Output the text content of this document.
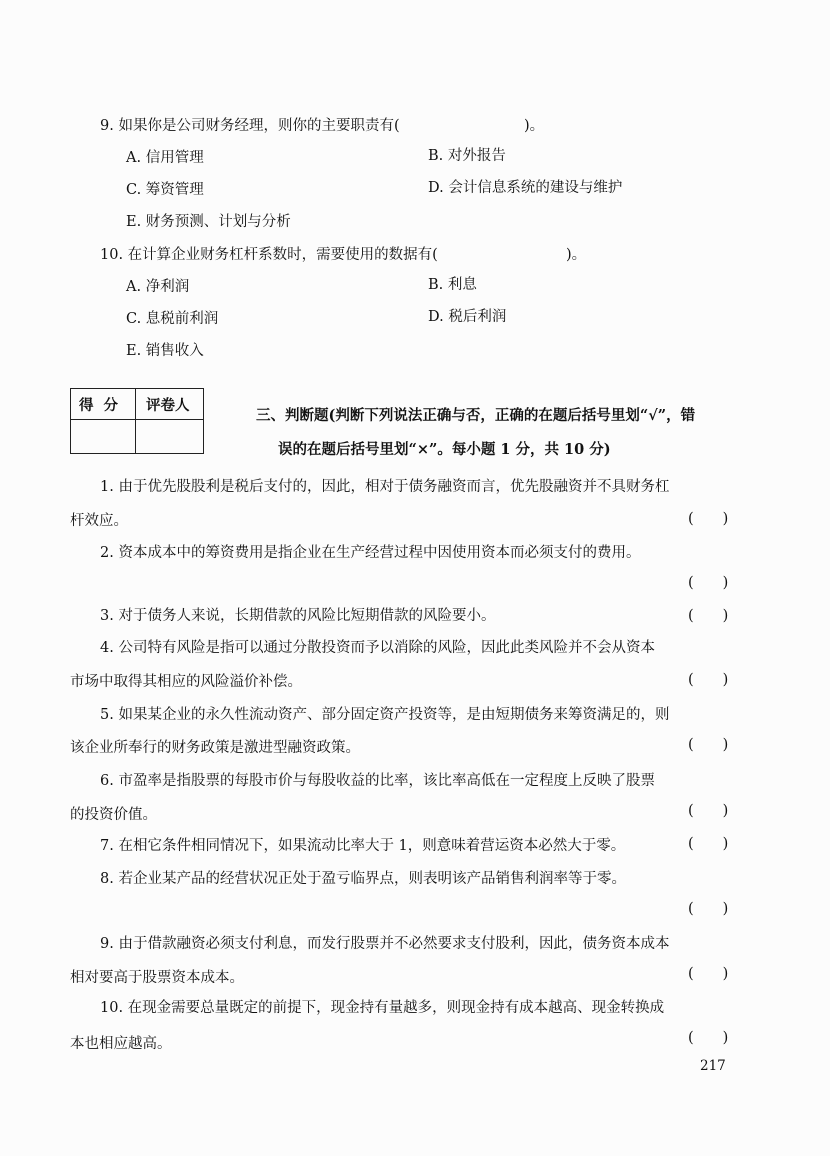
9. 如果你是公司财务经理，则你的主要职责有(	)。
A. 信用管理	B. 对外报告
C. 筹资管理	D. 会计信息系统的建设与维护
E. 财务预测、计划与分析
10. 在计算企业财务杠杆系数时，需要使用的数据有(	)。
A. 净利润	B. 利息
C. 息税前利润	D. 税后利润
E. 销售收入
得分 评卷人
三、判断题(判断下列说法正确与否，正确的在题后括号里划“√”，错
误的在题后括号里划“×”。每小题 1 分，共 10 分)
1. 由于优先股股利是税后支付的，因此，相对于债务融资而言，优先股融资并不具财务杠
杆效应。	(　　)
2. 资本成本中的筹资费用是指企业在生产经营过程中因使用资本而必须支付的费用。
(　　)
3. 对于债务人来说，长期借款的风险比短期借款的风险要小。	(　　)
4. 公司特有风险是指可以通过分散投资而予以消除的风险，因此此类风险并不会从资本
市场中取得其相应的风险溢价补偿。	(　　)
5. 如果某企业的永久性流动资产、部分固定资产投资等，是由短期债务来筹资满足的，则
该企业所奉行的财务政策是激进型融资政策。	(　　)
6. 市盈率是指股票的每股市价与每股收益的比率，该比率高低在一定程度上反映了股票
的投资价值。	(　　)
7. 在相它条件相同情况下，如果流动比率大于 1，则意味着营运资本必然大于零。	(　　)
8. 若企业某产品的经营状况正处于盈亏临界点，则表明该产品销售利润率等于零。
(　　)
9. 由于借款融资必须支付利息，而发行股票并不必然要求支付股利，因此，债务资本成本
相对要高于股票资本成本。	(　　)
10. 在现金需要总量既定的前提下，现金持有量越多，则现金持有成本越高、现金转换成
本也相应越高。	(　　)
217
